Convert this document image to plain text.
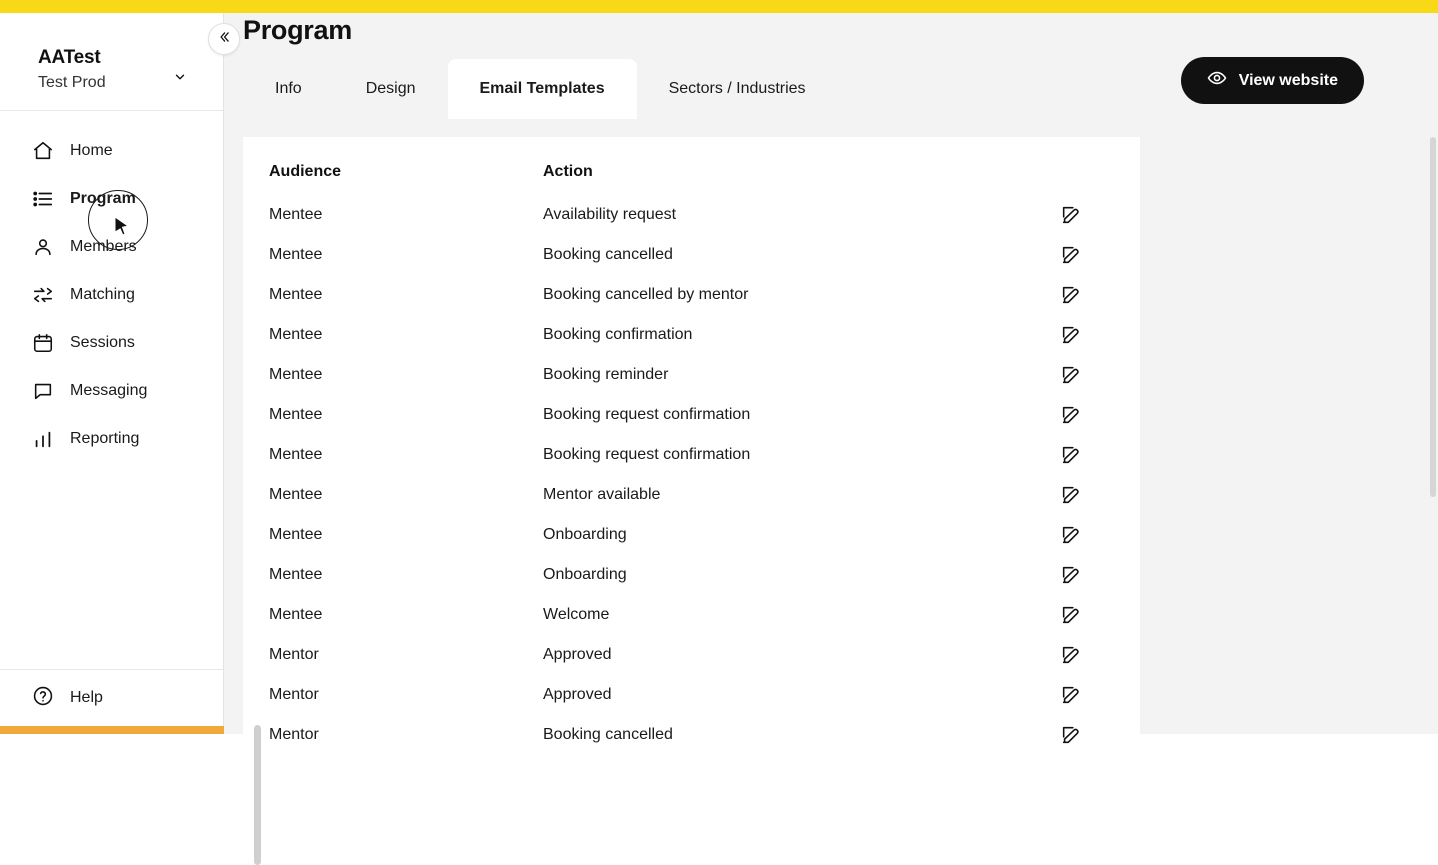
AATest
Test Prod
Home
Program
Members
Matching
Sessions
Messaging
Reporting
Help
Program
Info	Design	Email Templates	Sectors / Industries	View website
Audience	Action
Mentee	Availability request
Mentee	Booking cancelled
Mentee	Booking cancelled by mentor
Mentee	Booking confirmation
Mentee	Booking reminder
Mentee	Booking request confirmation
Mentee	Booking request confirmation
Mentee	Mentor available
Mentee	Onboarding
Mentee	Onboarding
Mentee	Welcome
Mentor	Approved
Mentor	Approved
Mentor	Booking cancelled
